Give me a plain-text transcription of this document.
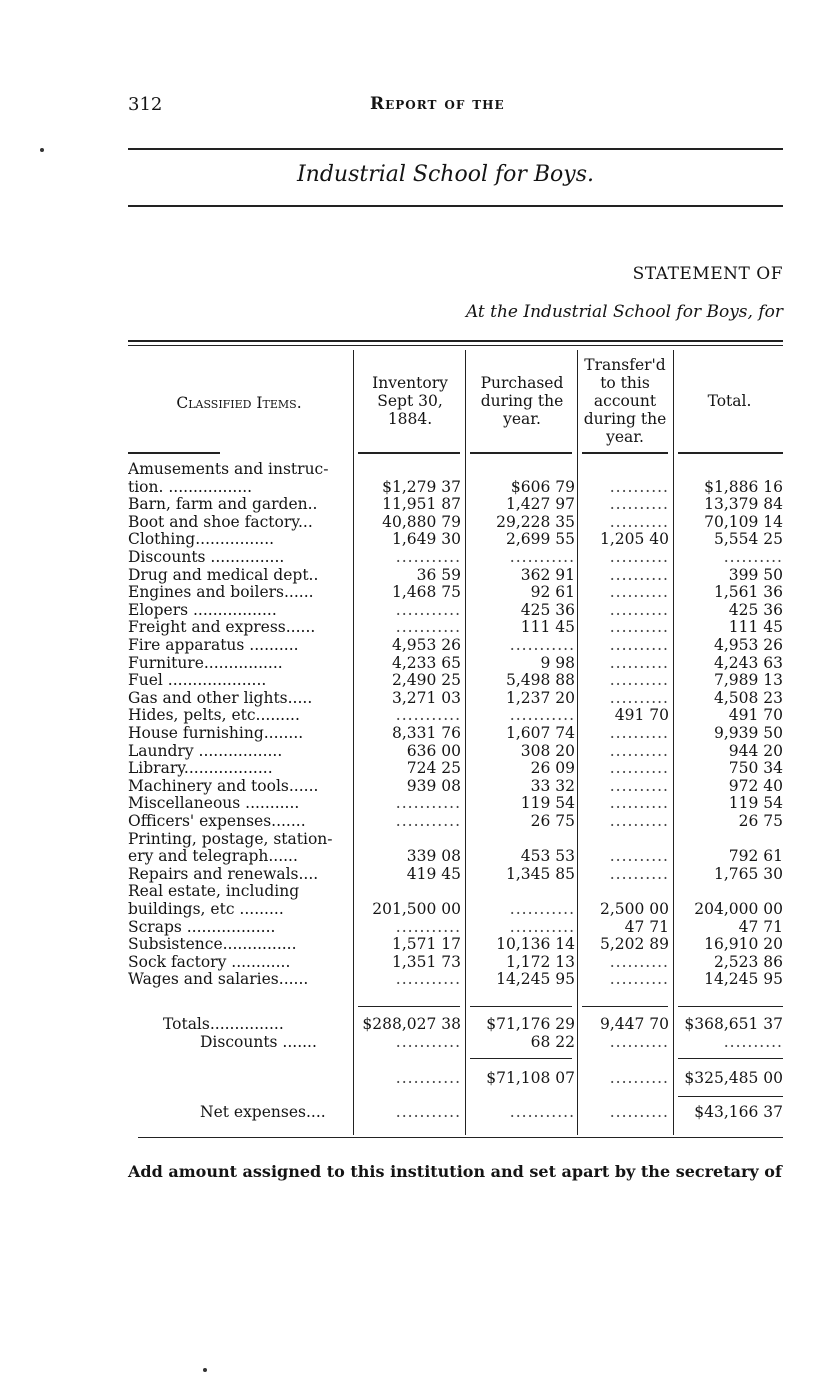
312	Report of the
Industrial School for Boys.
STATEMENT OF
At the Industrial School for Boys, for
Classified Items.
Inventory Sept 30, 1884.
Purchased during the year.
Transfer'd to this account during the year.
Total.
Amusements and instruc-
tion. .................	$1,279 37	$606 79 .......... $1,886 16
Barn, farm and garden..	11,951 87	1,427 97 .......... 13,379 84
Boot and shoe factory...	40,880 79 29,228 35 .......... 70,109 14
Clothing................	1,649 30	2,699 55 1,205 40	5,554 25
Discounts ...............	...........	........... ..........	..........
Drug and medical dept..	36 59	362 91 ..........	399 50
Engines and boilers......	1,468 75	92 61 ..........	1,561 36
Elopers .................	...........	425 36 ..........	425 36
Freight and express......	...........	111 45 ..........	111 45
Fire apparatus ..........	4,953 26	........... ..........	4,953 26
Furniture................	4,233 65	9 98 ..........	4,243 63
Fuel ....................	2,490 25	5,498 88 ..........	7,989 13
Gas and other lights.....	3,271 03	1,237 20 ..........	4,508 23
Hides, pelts, etc.........	...........	...........	491 70	491 70
House furnishing........	8,331 76	1,607 74 ..........	9,939 50
Laundry .................	636 00	308 20 ..........	944 20
Library..................	724 25	26 09 ..........	750 34
Machinery and tools......	939 08	33 32 ..........	972 40
Miscellaneous ...........	...........	119 54 ..........	119 54
Officers' expenses.......	...........	26 75 ..........	26 75
Printing, postage, station-
ery and telegraph......	339 08	453 53 ..........	792 61
Repairs and renewals....	419 45	1,345 85 ..........	1,765 30
Real estate, including
buildings, etc .........	201,500 00	........... 2,500 00 204,000 00
Scraps ..................	...........	...........	47 71	47 71
Subsistence...............	1,571 17 10,136 14 5,202 89 16,910 20
Sock factory ............	1,351 73	1,172 13 ..........	2,523 86
Wages and salaries......	........... 14,245 95 .......... 14,245 95
Totals...............	$288,027 38 $71,176 29 9,447 70 $368,651 37
Discounts .......	...........	68 22 ..........	..........
........... $71,108 07 .......... $325,485 00
Net expenses....	...........	........... .......... $43,166 37
Add amount assigned to this institution and set apart by the secretary of
